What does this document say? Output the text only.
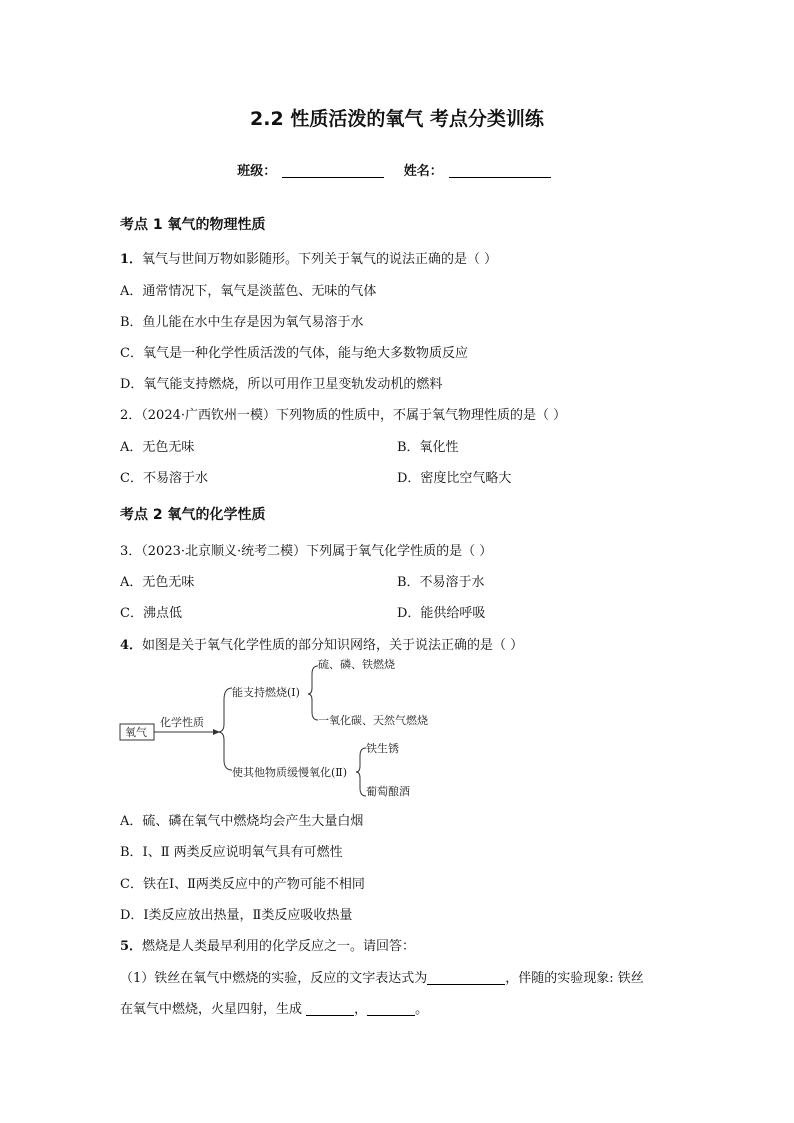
2.2 性质活泼的氧气 考点分类训练
班级：	姓名：
考点 1 氧气的物理性质
1．氧气与世间万物如影随形。下列关于氧气的说法正确的是（ ）
A．通常情况下，氧气是淡蓝色、无味的气体
B．鱼儿能在水中生存是因为氧气易溶于水
C．氧气是一种化学性质活泼的气体，能与绝大多数物质反应
D．氧气能支持燃烧，所以可用作卫星变轨发动机的燃料
2．（2024·广西钦州一模）下列物质的性质中，不属于氧气物理性质的是（ ）
A．无色无味	B．氧化性
C．不易溶于水	D．密度比空气略大
考点 2 氧气的化学性质
3．（2023·北京顺义·统考二模）下列属于氧气化学性质的是（ ）
A．无色无味	B．不易溶于水
C．沸点低	D．能供给呼吸
4．如图是关于氧气化学性质的部分知识网络，关于说法正确的是（ ）
氧气
化学性质
能支持燃烧(Ⅰ)
硫、磷、铁燃烧
一氧化碳、天然气燃烧
使其他物质缓慢氧化(Ⅱ)
铁生锈
葡萄酿酒
A．硫、磷在氧气中燃烧均会产生大量白烟
B．Ⅰ、Ⅱ 两类反应说明氧气具有可燃性
C．铁在Ⅰ、Ⅱ两类反应中的产物可能不相同
D．Ⅰ类反应放出热量，Ⅱ类反应吸收热量
5．燃烧是人类最早利用的化学反应之一。请回答：
（1）铁丝在氧气中燃烧的实验，反应的文字表达式为	，伴随的实验现象: 铁丝
在氧气中燃烧，火星四射，生成	，	。
